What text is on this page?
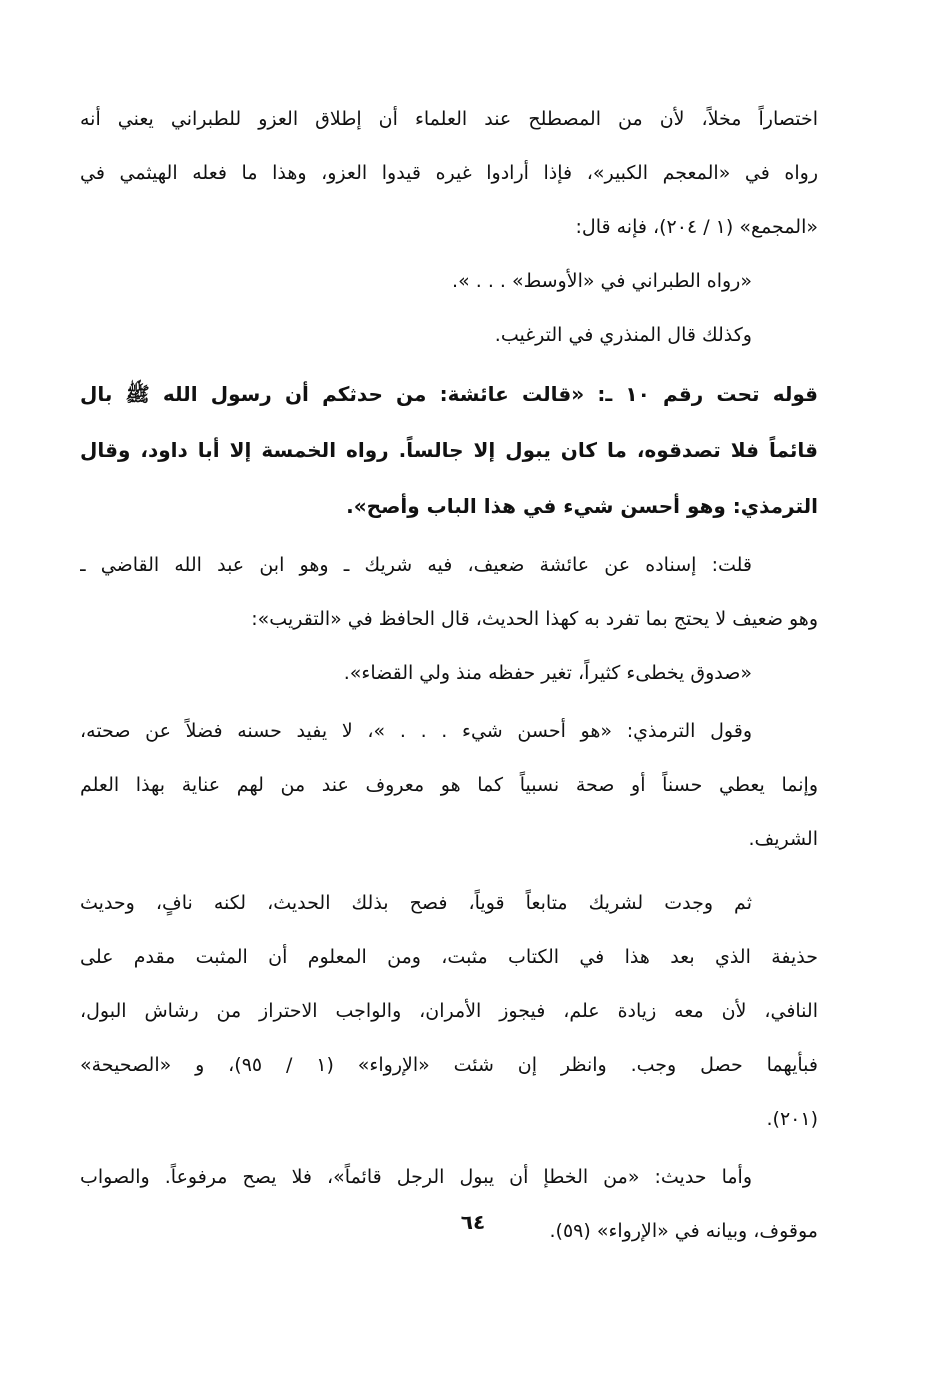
اختصاراً مخلاً، لأن من المصطلح عند العلماء أن إطلاق العزو للطبراني يعني أنه
رواه في «المعجم الكبير»، فإذا أرادوا غيره قيدوا العزو، وهذا ما فعله الهيثمي في
«المجمع» (١ / ٢٠٤)، فإنه قال:
«رواه الطبراني في «الأوسط» . . . ».
وكذلك قال المنذري في الترغيب.
قوله تحت رقم ١٠ ـ: «قالت عائشة: من حدثكم أن رسول الله ﷺ بال
قائماً فلا تصدقوه، ما كان يبول إلا جالساً. رواه الخمسة إلا أبا داود، وقال
الترمذي: وهو أحسن شيء في هذا الباب وأصح».
قلت: إسناده عن عائشة ضعيف، فيه شريك ـ وهو ابن عبد الله القاضي ـ
وهو ضعيف لا يحتج بما تفرد به كهذا الحديث، قال الحافظ في «التقريب»:
«صدوق يخطىء كثيراً، تغير حفظه منذ ولي القضاء».
وقول الترمذي: «هو أحسن شيء . . . »، لا يفيد حسنه فضلاً عن صحته،
وإنما يعطي حسناً أو صحة نسبياً كما هو معروف عند من لهم عناية بهذا العلم
الشريف.
ثم وجدت لشريك متابعاً قوياً، فصح بذلك الحديث، لكنه نافٍ، وحديث
حذيفة الذي بعد هذا في الكتاب مثبت، ومن المعلوم أن المثبت مقدم على
النافي، لأن معه زيادة علم، فيجوز الأمران، والواجب الاحتراز من رشاش البول،
فبأيهما حصل وجب. وانظر إن شئت «الإرواء» (١ / ٩٥)، و «الصحيحة»
(٢٠١).
وأما حديث: «من الخطإ أن يبول الرجل قائماً»، فلا يصح مرفوعاً. والصواب
موقوف، وبيانه في «الإرواء» (٥٩).
٦٤
